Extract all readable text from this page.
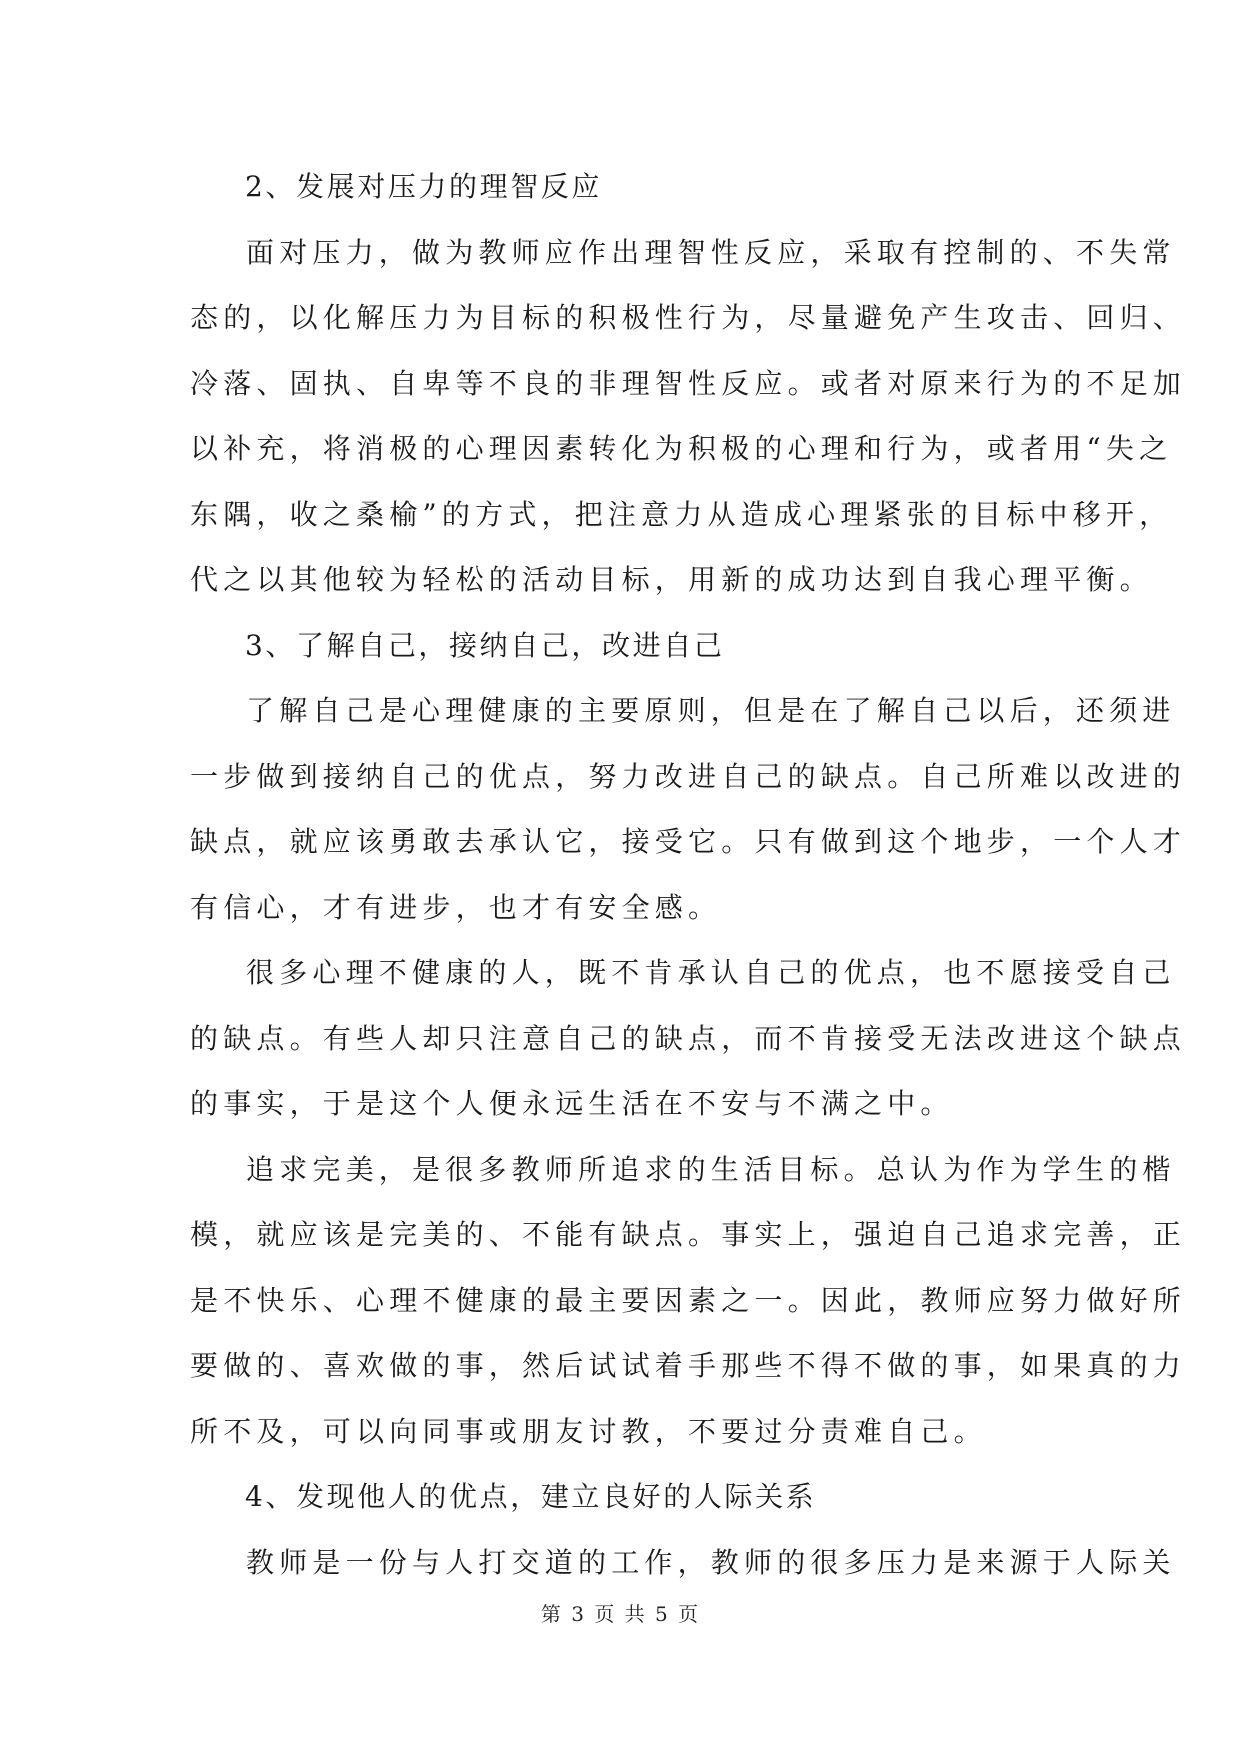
2、发展对压力的理智反应
面对压力，做为教师应作出理智性反应，采取有控制的、不失常
态的，以化解压力为目标的积极性行为，尽量避免产生攻击、回归、
冷落、固执、自卑等不良的非理智性反应。或者对原来行为的不足加
以补充，将消极的心理因素转化为积极的心理和行为，或者用“失之
东隅，收之桑榆”的方式，把注意力从造成心理紧张的目标中移开，
代之以其他较为轻松的活动目标，用新的成功达到自我心理平衡。
3、了解自己，接纳自己，改进自己
了解自己是心理健康的主要原则，但是在了解自己以后，还须进
一步做到接纳自己的优点，努力改进自己的缺点。自己所难以改进的
缺点，就应该勇敢去承认它，接受它。只有做到这个地步，一个人才
有信心，才有进步，也才有安全感。
很多心理不健康的人，既不肯承认自己的优点，也不愿接受自己
的缺点。有些人却只注意自己的缺点，而不肯接受无法改进这个缺点
的事实，于是这个人便永远生活在不安与不满之中。
追求完美，是很多教师所追求的生活目标。总认为作为学生的楷
模，就应该是完美的、不能有缺点。事实上，强迫自己追求完善，正
是不快乐、心理不健康的最主要因素之一。因此，教师应努力做好所
要做的、喜欢做的事，然后试试着手那些不得不做的事，如果真的力
所不及，可以向同事或朋友讨教，不要过分责难自己。
4、发现他人的优点，建立良好的人际关系
教师是一份与人打交道的工作，教师的很多压力是来源于人际关
第 3 页 共 5 页
